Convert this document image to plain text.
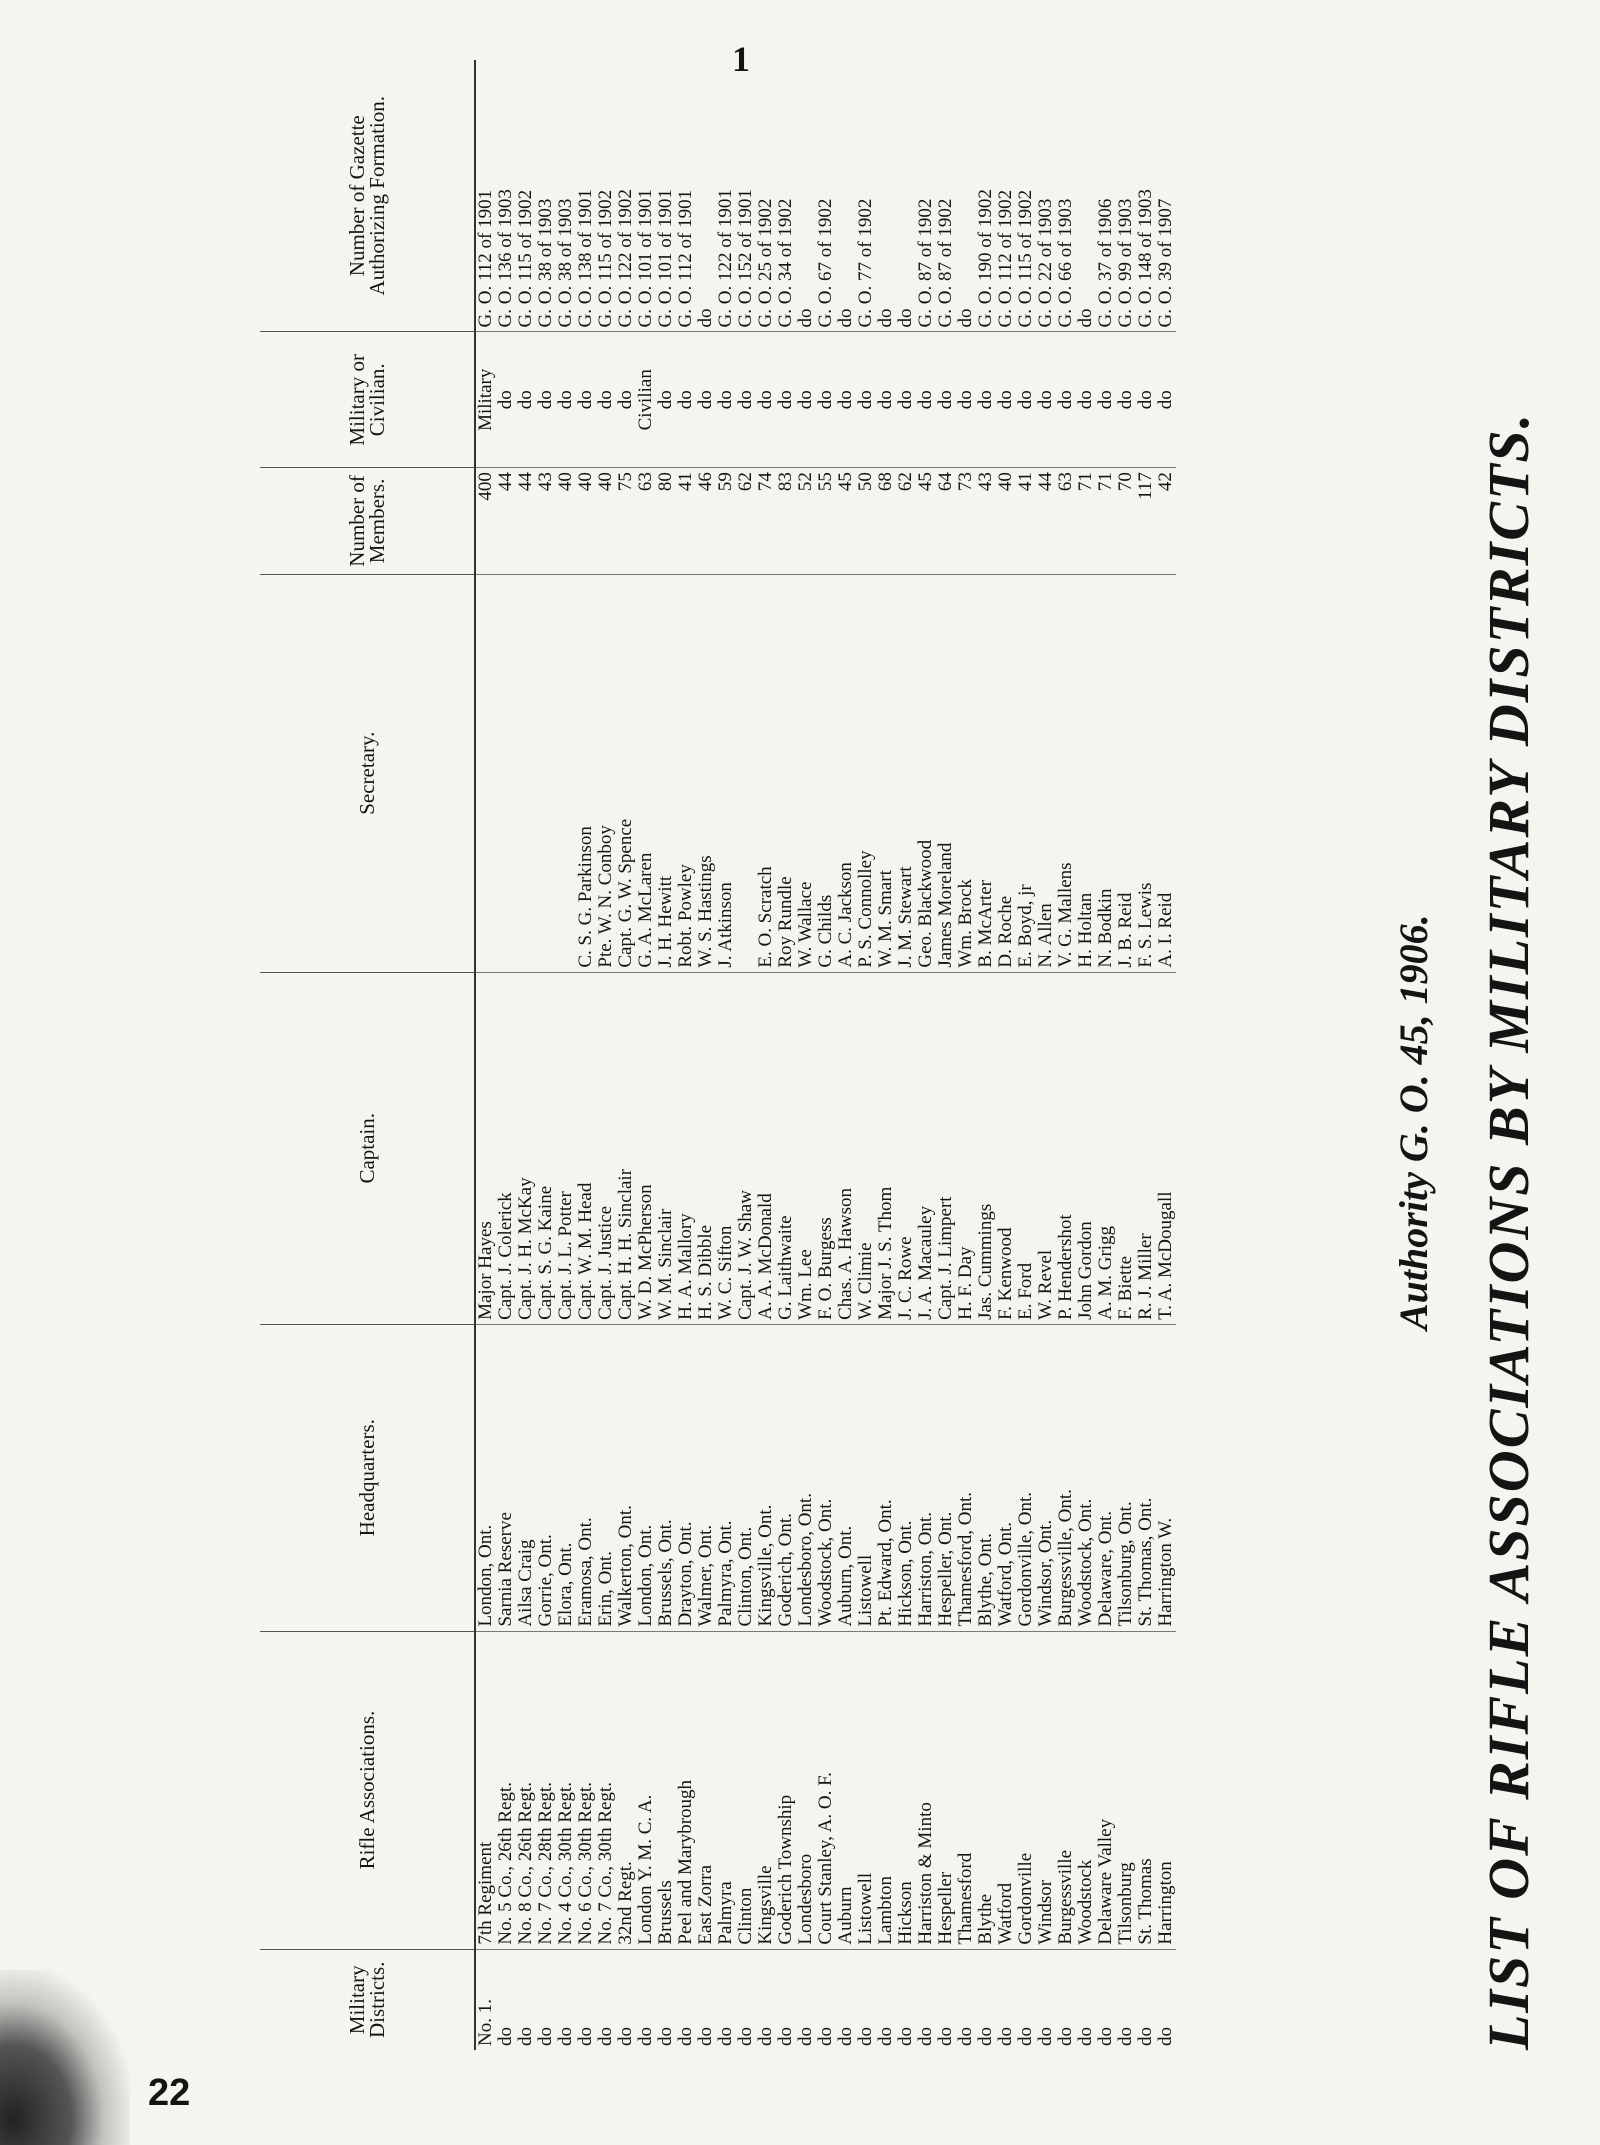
1
22
LIST OF RIFLE ASSOCIATIONS BY MILITARY DISTRICTS.
Authority G. O. 45, 1906.
Military Districts.	Rifle Associations.	Headquarters.	Captain.	Secretary.	Number of Members.	Military or Civilian.	Number of Gazette Authorizing Formation.
No. 1.	7th Regiment	London, Ont.	Major Hayes		400	Military	G. O. 112 of 1901
do	No. 5 Co., 26th Regt.	Sarnia Reserve	Capt. J. Colerick		44	do	G. O. 136 of 1903
do	No. 8 Co., 26th Regt.	Ailsa Craig	Capt. J. H. McKay		44	do	G. O. 115 of 1902
do	No. 7 Co., 28th Regt.	Gorrie, Ont.	Capt. S. G. Kaine		43	do	G. O. 38 of 1903
do	No. 4 Co., 30th Regt.	Elora, Ont.	Capt. J. L. Potter		40	do	G. O. 38 of 1903
do	No. 6 Co., 30th Regt.	Eramosa, Ont.	Capt. W. M. Head	C. S. G. Parkinson	40	do	G. O. 138 of 1901
do	No. 7 Co., 30th Regt.	Erin, Ont.	Capt. J. Justice	Pte. W. N. Conboy	40	do	G. O. 115 of 1902
do	32nd Regt.	Walkerton, Ont.	Capt. H. H. Sinclair	Capt. G. W. Spence	75	do	G. O. 122 of 1902
do	London Y. M. C. A.	London, Ont.	W. D. McPherson	G. A. McLaren	63	Civilian	G. O. 101 of 1901
do	Brussels	Brussels, Ont.	W. M. Sinclair	J. H. Hewitt	80	do	G. O. 101 of 1901
do	Peel and Marybrough	Drayton, Ont.	H. A. Mallory	Robt. Powley	41	do	G. O. 112 of 1901
do	East Zorra	Walmer, Ont.	H. S. Dibble	W. S. Hastings	46	do	do
do	Palmyra	Palmyra, Ont.	W. C. Sifton	J. Atkinson	59	do	G. O. 122 of 1901
do	Clinton	Clinton, Ont.	Capt. J. W. Shaw		62	do	G. O. 152 of 1901
do	Kingsville	Kingsville, Ont.	A. A. McDonald	E. O. Scratch	74	do	G. O. 25 of 1902
do	Goderich Township	Goderich, Ont.	G. Laithwaite	Roy Rundle	83	do	G. O. 34 of 1902
do	Londesboro	Londesboro, Ont.	Wm. Lee	W. Wallace	52	do	do
do	Court Stanley, A. O. F.	Woodstock, Ont.	F. O. Burgess	G. Childs	55	do	G. O. 67 of 1902
do	Auburn	Auburn, Ont.	Chas. A. Hawson	A. C. Jackson	45	do	do
do	Listowell	Listowell	W. Climie	P. S. Connolley	50	do	G. O. 77 of 1902
do	Lambton	Pt. Edward, Ont.	Major J. S. Thom	W. M. Smart	68	do	do
do	Hickson	Hickson, Ont.	J. C. Rowe	J. M. Stewart	62	do	do
do	Harriston & Minto	Harriston, Ont.	J. A. Macauley	Geo. Blackwood	45	do	G. O. 87 of 1902
do	Hespeller	Hespeller, Ont.	Capt. J. Limpert	James Moreland	64	do	G. O. 87 of 1902
do	Thamesford	Thamesford, Ont.	H. F. Day	Wm. Brock	73	do	do
do	Blythe	Blythe, Ont.	Jas. Cummings	B. McArter	43	do	G. O. 190 of 1902
do	Watford	Watford, Ont.	F. Kenwood	D. Roche	40	do	G. O. 112 of 1902
do	Gordonville	Gordonville, Ont.	E. Ford	E. Boyd, jr	41	do	G. O. 115 of 1902
do	Windsor	Windsor, Ont.	W. Revel	N. Allen	44	do	G. O. 22 of 1903
do	Burgessville	Burgessville, Ont.	P. Hendershot	V. G. Mallens	63	do	G. O. 66 of 1903
do	Woodstock	Woodstock, Ont.	John Gordon	H. Holtan	71	do	do
do	Delaware Valley	Delaware, Ont.	A. M. Grigg	N. Bodkin	71	do	G. O. 37 of 1906
do	Tilsonburg	Tilsonburg, Ont.	F. Biette	J. B. Reid	70	do	G. O. 99 of 1903
do	St. Thomas	St. Thomas, Ont.	R. J. Miller	F. S. Lewis	117	do	G. O. 148 of 1903
do	Harrington	Harrington W.	T. A. McDougall	A. I. Reid	42	do	G. O. 39 of 1907
